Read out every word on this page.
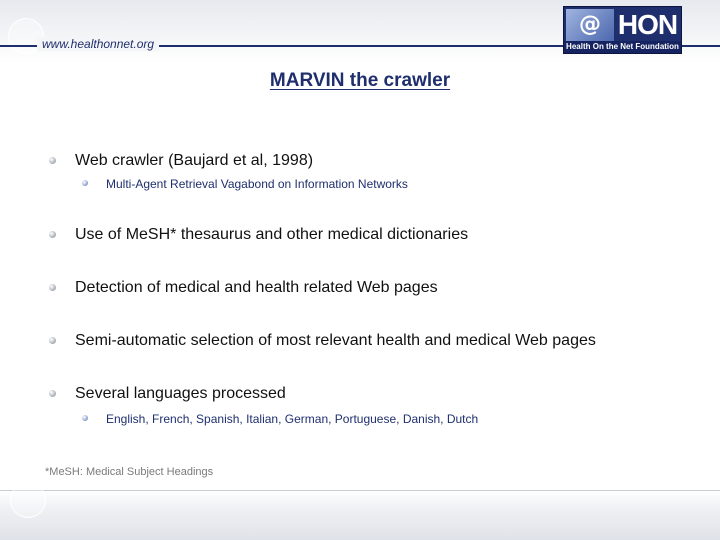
www.healthonnet.org
@ HON
Health On the Net Foundation
MARVIN the crawler
Web crawler (Baujard et al, 1998)
Multi-Agent Retrieval Vagabond on Information Networks
Use of MeSH* thesaurus and other medical dictionaries
Detection of medical and health related Web pages
Semi-automatic selection of most relevant health and medical Web pages
Several languages processed
English, French, Spanish, Italian, German, Portuguese, Danish, Dutch
*MeSH: Medical Subject Headings
